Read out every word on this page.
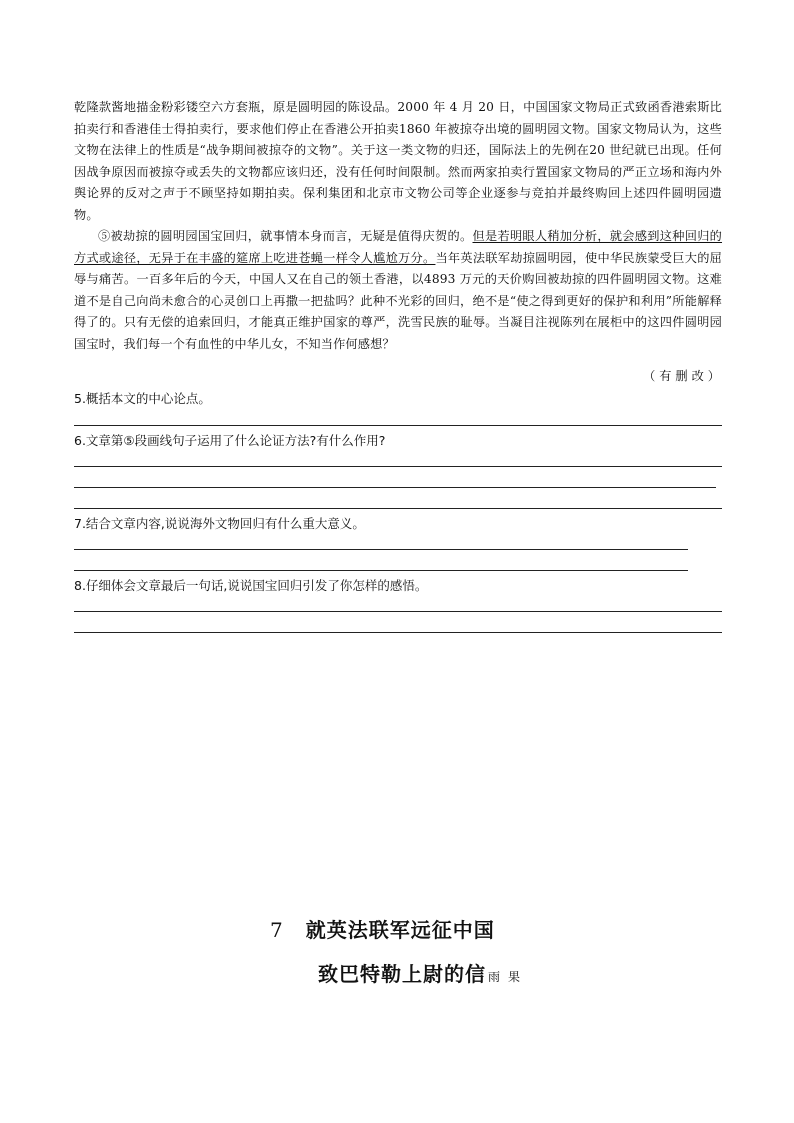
乾隆款酱地描金粉彩镂空六方套瓶，原是圆明园的陈设品。2000 年 4 月 20 日，中国国家文物局正式致函香港索斯比拍卖行和香港佳士得拍卖行，要求他们停止在香港公开拍卖1860 年被掠夺出境的圆明园文物。国家文物局认为，这些文物在法律上的性质是“战争期间被掠夺的文物”。关于这一类文物的归还，国际法上的先例在20 世纪就已出现。任何因战争原因而被掠夺或丢失的文物都应该归还，没有任何时间限制。然而两家拍卖行置国家文物局的严正立场和海内外舆论界的反对之声于不顾坚持如期拍卖。保利集团和北京市文物公司等企业逐参与竞拍并最终购回上述四件圆明园遗物。

⑤被劫掠的圆明园国宝回归，就事情本身而言，无疑是值得庆贺的。但是若明眼人稍加分析，就会感到这种回归的方式或途径，无异于在丰盛的筵席上吃进苍蝇一样令人尴尬万分。当年英法联军劫掠圆明园，使中华民族蒙受巨大的屈辱与痛苦。一百多年后的今天，中国人又在自己的领土香港，以4893 万元的天价购回被劫掠的四件圆明园文物。这难道不是自己向尚未愈合的心灵创口上再撒一把盐吗？此种不光彩的回归，绝不是“使之得到更好的保护和利用”所能解释得了的。只有无偿的追索回归，才能真正维护国家的尊严，洗雪民族的耻辱。当凝目注视陈列在展柜中的这四件圆明园国宝时，我们每一个有血性的中华儿女，不知当作何感想？

（有删改）
5.概括本文的中心论点。
6.文章第⑤段画线句子运用了什么论证方法?有什么作用?
7.结合文章内容,说说海外文物回归有什么重大意义。
8.仔细体会文章最后一句话,说说国宝回归引发了你怎样的感悟。
7 就英法联军远征中国
致巴特勒上尉的信 雨果
